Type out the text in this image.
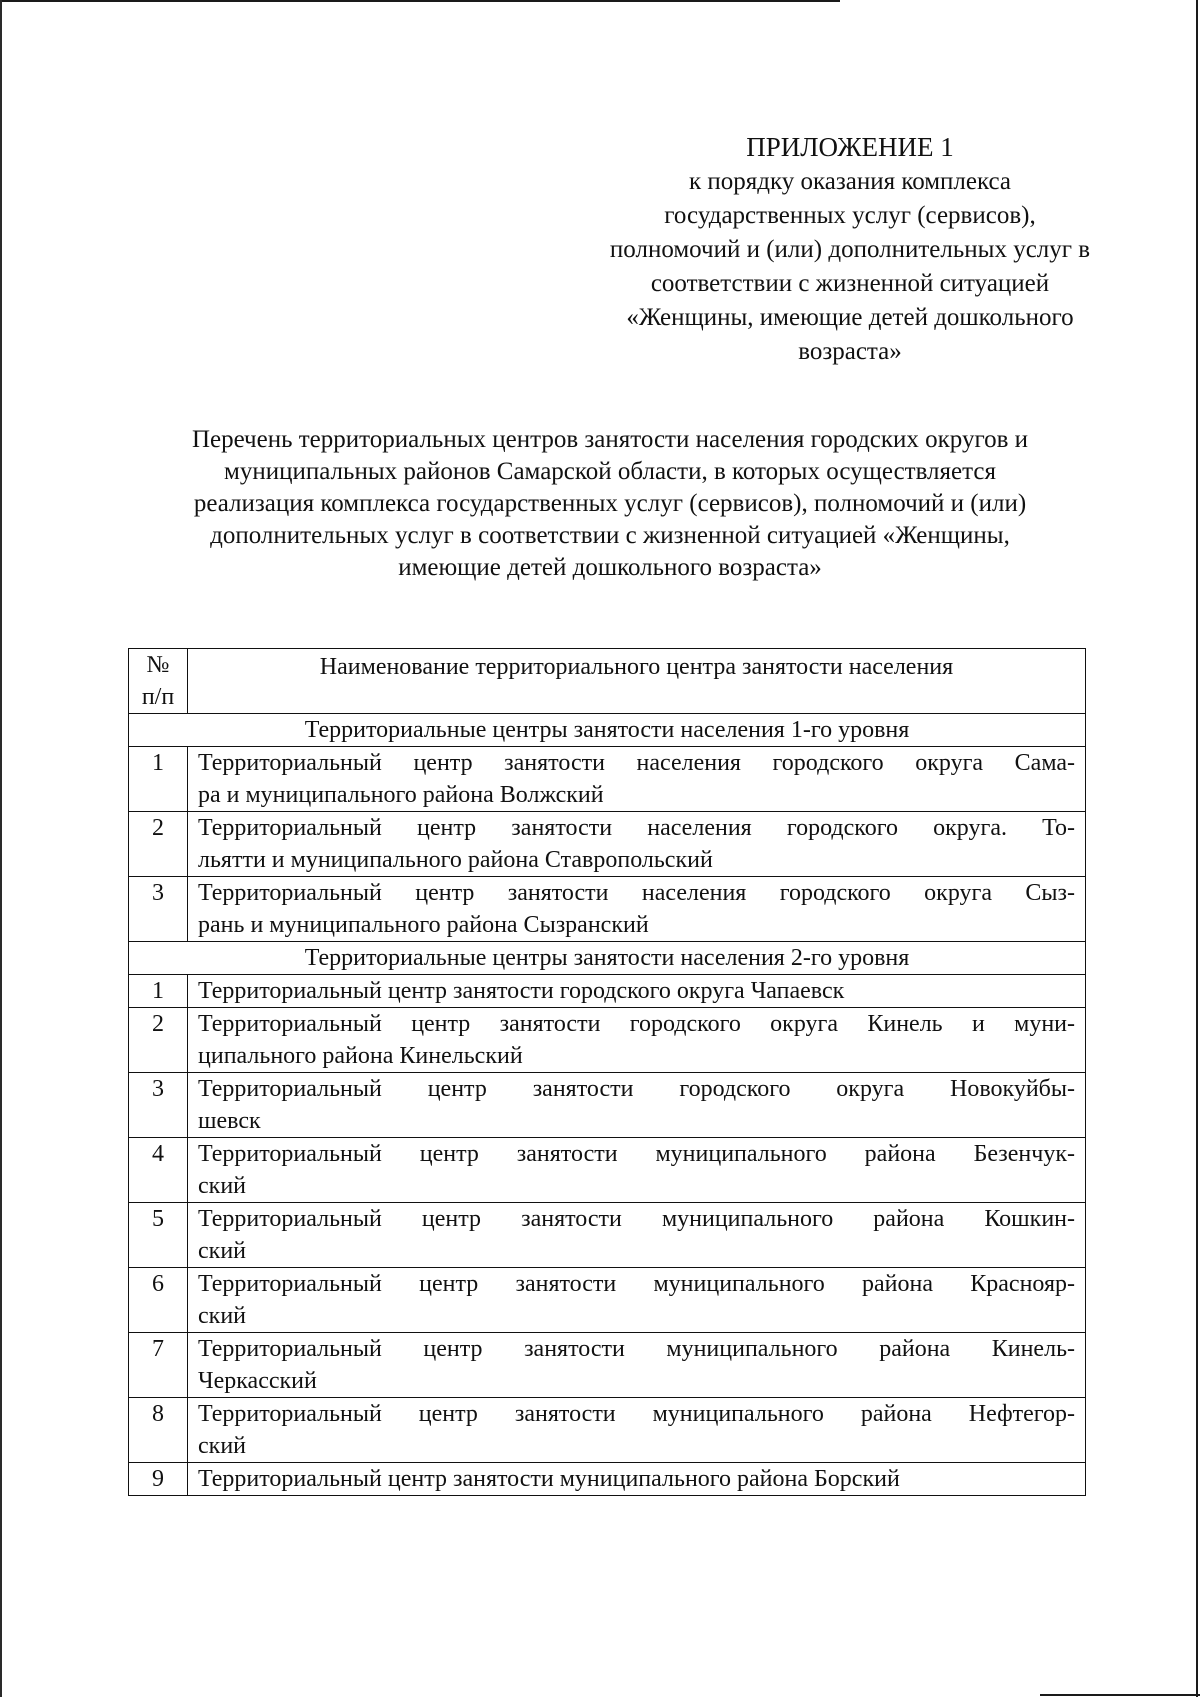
ПРИЛОЖЕНИЕ 1
к порядку оказания комплекса
государственных услуг (сервисов),
полномочий и (или) дополнительных услуг в
соответствии с жизненной ситуацией
«Женщины, имеющие детей дошкольного
возраста»
Перечень территориальных центров занятости населения городских округов и
муниципальных районов Самарской области, в которых осуществляется
реализация комплекса государственных услуг (сервисов), полномочий и (или)
дополнительных услуг в соответствии с жизненной ситуацией «Женщины,
имеющие детей дошкольного возраста»
№
п/п	Наименование территориального центра занятости населения
Территориальные центры занятости населения 1-го уровня	
1	Территориальный центр занятости населения городского округа Сама-
ра и муниципального района Волжский

2	Территориальный центр занятости населения городского округа. То-
льятти и муниципального района Ставропольский

3	Территориальный центр занятости населения городского округа Сыз-
рань и муниципального района Сызранский

Территориальные центры занятости населения 2-го уровня	
1	Территориальный центр занятости городского округа Чапаевск

2	Территориальный центр занятости городского округа Кинель и муни-
ципального района Кинельский

3	Территориальный центр занятости городского округа Новокуйбы-
шевск

4	Территориальный центр занятости муниципального района Безенчук-
ский

5	Территориальный центр занятости муниципального района Кошкин-
ский

6	Территориальный центр занятости муниципального района Краснояр-
ский

7	Территориальный центр занятости муниципального района Кинель-
Черкасский

8	Территориальный центр занятости муниципального района Нефтегор-
ский

9	Территориальный центр занятости муниципального района Борский
